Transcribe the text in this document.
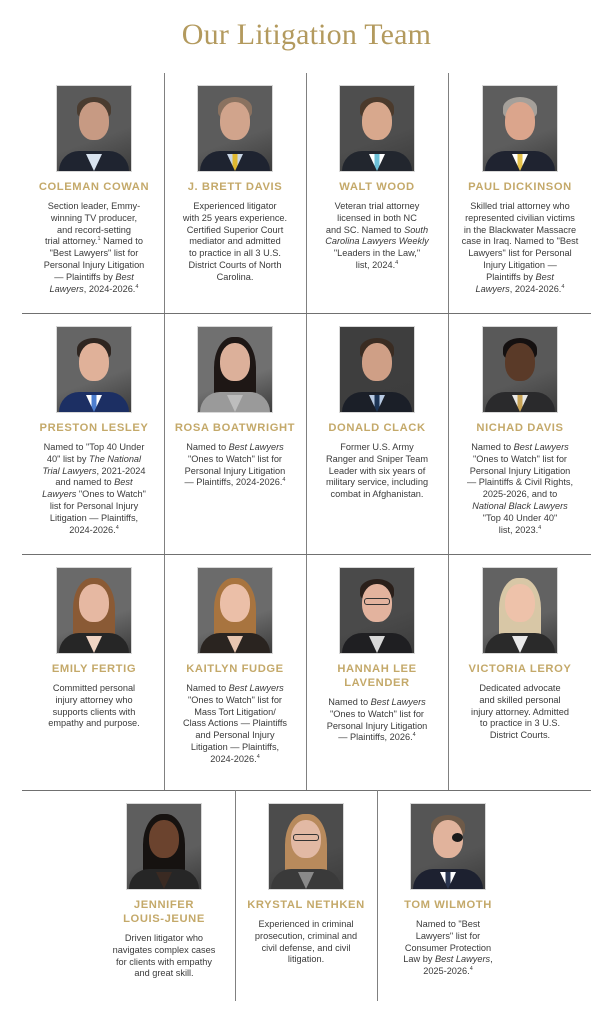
Our Litigation Team
COLEMAN COWAN
Section leader, Emmy-
winning TV producer,
and record-setting
trial attorney.$^1$ Named to
"Best Lawyers" list for
Personal Injury Litigation
— Plaintiffs by Best
Lawyers, 2024-2026.$^4$
J. BRETT DAVIS
Experienced litigator
with 25 years experience.
Certified Superior Court
mediator and admitted
to practice in all 3 U.S.
District Courts of North
Carolina.
WALT WOOD
Veteran trial attorney
licensed in both NC
and SC. Named to South
Carolina Lawyers Weekly
"Leaders in the Law,"
list, 2024.$^4$
PAUL DICKINSON
Skilled trial attorney who
represented civilian victims
in the Blackwater Massacre
case in Iraq. Named to "Best
Lawyers" list for Personal
Injury Litigation —
Plaintiffs by Best
Lawyers, 2024-2026.$^4$
PRESTON LESLEY
Named to "Top 40 Under
40" list by The National
Trial Lawyers, 2021-2024
and named to Best
Lawyers "Ones to Watch"
list for Personal Injury
Litigation — Plaintiffs,
2024-2026.$^4$
ROSA BOATWRIGHT
Named to Best Lawyers
"Ones to Watch" list for
Personal Injury Litigation
— Plaintiffs, 2024-2026.$^4$
DONALD CLACK
Former U.S. Army
Ranger and Sniper Team
Leader with six years of
military service, including
combat in Afghanistan.
NICHAD DAVIS
Named to Best Lawyers
"Ones to Watch" list for
Personal Injury Litigation
— Plaintiffs & Civil Rights,
2025-2026, and to
National Black Lawyers
"Top 40 Under 40"
list, 2023.$^4$
EMILY FERTIG
Committed personal
injury attorney who
supports clients with
empathy and purpose.
KAITLYN FUDGE
Named to Best Lawyers
"Ones to Watch" list for
Mass Tort Litigation/
Class Actions — Plaintiffs
and Personal Injury
Litigation — Plaintiffs,
2024-2026.$^4$
HANNAH LEE
LAVENDER
Named to Best Lawyers
"Ones to Watch" list for
Personal Injury Litigation
— Plaintiffs, 2026.$^4$
VICTORIA LEROY
Dedicated advocate
and skilled personal
injury attorney. Admitted
to practice in 3 U.S.
District Courts.
JENNIFER
LOUIS-JEUNE
Driven litigator who
navigates complex cases
for clients with empathy
and great skill.
KRYSTAL NETHKEN
Experienced in criminal
prosecution, criminal and
civil defense, and civil
litigation.
TOM WILMOTH
Named to "Best
Lawyers" list for
Consumer Protection
Law by Best Lawyers,
2025-2026.$^4$
